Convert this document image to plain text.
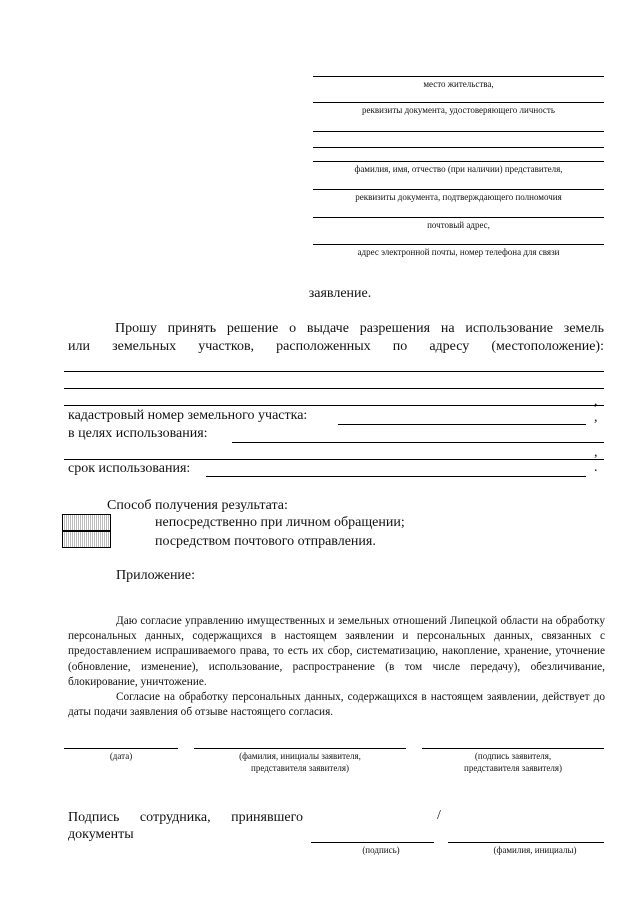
место жительства,
реквизиты документа, удостоверяющего личность
фамилия, имя, отчество (при наличии) представителя,
реквизиты документа, подтверждающего полномочия
почтовый адрес,
адрес электронной почты, номер телефона для связи
заявление.
Прошу принять решение о выдаче разрешения на использование земель
или земельных участков, расположенных по адресу (местоположение):
,
кадастровый номер земельного участка:	,
в целях использования:
,
срок использования:	.
Способ получения результата:
непосредственно при личном обращении;
посредством почтового отправления.
Приложение:
Даю согласие управлению имущественных и земельных отношений Липецкой области на обработку персональных данных, содержащихся в настоящем заявлении и персональных данных, связанных с предоставлением испрашиваемого права, то есть их сбор, систематизацию, накопление, хранение, уточнение (обновление, изменение), использование, распространение (в том числе передачу), обезличивание, блокирование, уничтожение.
Согласие на обработку персональных данных, содержащихся в настоящем заявлении, действует до даты подачи заявления об отзыве настоящего согласия.
(дата)	(фамилия, инициалы заявителя,
представителя заявителя)
(подпись заявителя,
представителя заявителя)
Подпись сотрудника, принявшего
документы
/
(подпись)	(фамилия, инициалы)
